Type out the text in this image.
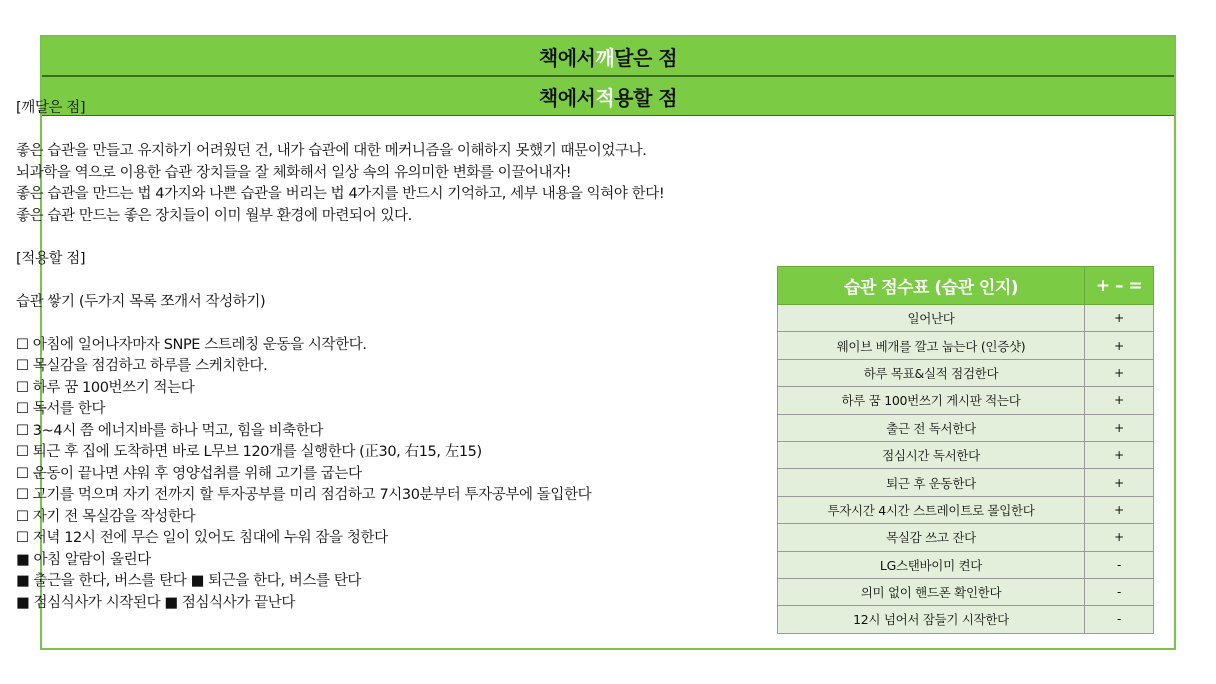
책에서 깨 달은 점
책에서 적 용할 점
[깨달은 점]
좋은 습관을 만들고 유지하기 어려웠던 건, 내가 습관에 대한 메커니즘을 이해하지 못했기 때문이었구나.
뇌과학을 역으로 이용한 습관 장치들을 잘 체화해서 일상 속의 유의미한 변화를 이끌어내자!
좋은 습관을 만드는 법 4가지와 나쁜 습관을 버리는 법 4가지를 반드시 기억하고, 세부 내용을 익혀야 한다!
좋은 습관 만드는 좋은 장치들이 이미 월부 환경에 마련되어 있다.
[적용할 점]
습관 쌓기 (두가지 목록 쪼개서 작성하기)
☐ 아침에 일어나자마자 SNPE 스트레칭 운동을 시작한다.
☐ 목실감을 점검하고 하루를 스케치한다.
☐ 하루 꿈 100번쓰기 적는다
☐ 독서를 한다
☐ 3~4시 쯤 에너지바를 하나 먹고, 힘을 비축한다
☐ 퇴근 후 집에 도착하면 바로 L무브 120개를 실행한다 (正30, 右15, 左15)
☐ 운동이 끝나면 샤워 후 영양섭취를 위해 고기를 굽는다
☐ 고기를 먹으며 자기 전까지 할 투자공부를 미리 점검하고 7시30분부터 투자공부에 돌입한다
☐ 자기 전 목실감을 작성한다
☐ 저녁 12시 전에 무슨 일이 있어도 침대에 누워 잠을 청한다
■ 아침 알람이 울린다
■ 출근을 한다, 버스를 탄다 ■ 퇴근을 한다, 버스를 탄다
■ 점심식사가 시작된다 ■ 점심식사가 끝난다
습관 점수표 (습관 인지)	+ – =
일어난다	+
웨이브 베개를 깔고 눕는다 (인증샷)	+
하루 목표&실적 점검한다	+
하루 꿈 100번쓰기 게시판 적는다	+
출근 전 독서한다	+
점심시간 독서한다	+
퇴근 후 운동한다	+
투자시간 4시간 스트레이트로 몰입한다	+
목실감 쓰고 잔다	+
LG스탠바이미 켠다	-
의미 없이 핸드폰 확인한다	-
12시 넘어서 잠들기 시작한다	-
